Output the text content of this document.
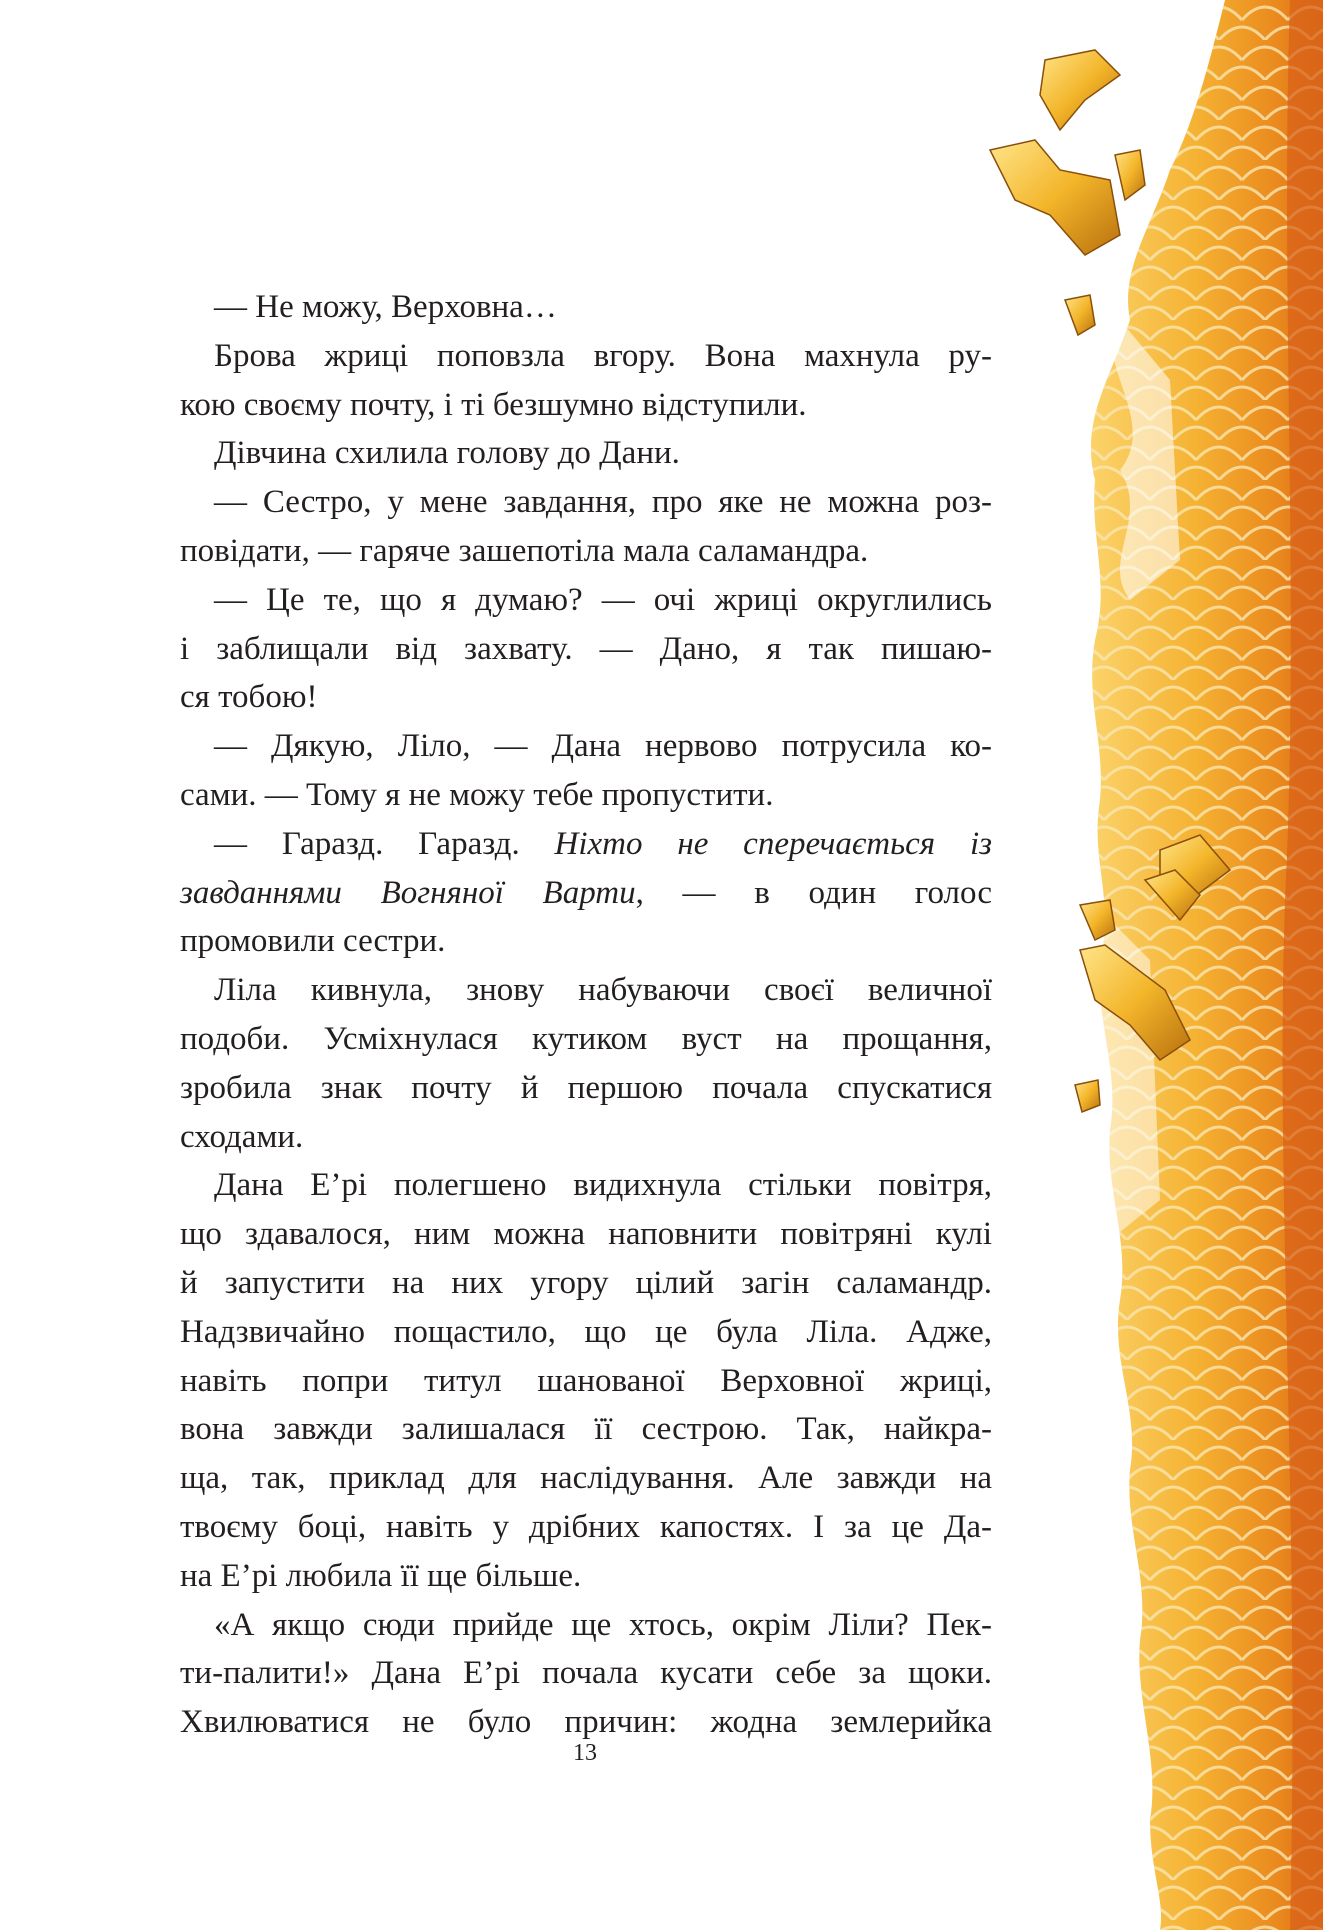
— Не можу, Верховна…
Брова жриці поповзла вгору. Вона махнула ру-
кою своєму почту, і ті безшумно відступили.
Дівчина схилила голову до Дани.
— Сестро, у мене завдання, про яке не можна роз-
повідати, — гаряче зашепотіла мала саламандра.
— Це те, що я думаю? — очі жриці округлились
і заблищали від захвату. — Дано, я так пишаю-
ся тобою!
— Дякую, Ліло, — Дана нервово потрусила ко-
сами. — Тому я не можу тебе пропустити.
— Гаразд. Гаразд. Ніхто не сперечається із
завданнями Вогняної Варти, — в один голос
промовили сестри.
Ліла кивнула, знову набуваючи своєї величної
подоби. Усміхнулася кутиком вуст на прощання,
зробила знак почту й першою почала спускатися
сходами.
Дана Е’рі полегшено видихнула стільки повітря,
що здавалося, ним можна наповнити повітряні кулі
й запустити на них угору цілий загін саламандр.
Надзвичайно пощастило, що це була Ліла. Адже,
навіть попри титул шанованої Верховної жриці,
вона завжди залишалася її сестрою. Так, найкра-
ща, так, приклад для наслідування. Але завжди на
твоєму боці, навіть у дрібних капостях. І за це Да-
на Е’рі любила її ще більше.
«А якщо сюди прийде ще хтось, окрім Ліли? Пек-
ти-палити!» Дана Е’рі почала кусати себе за щоки.
Хвилюватися не було причин: жодна землерийка
13
